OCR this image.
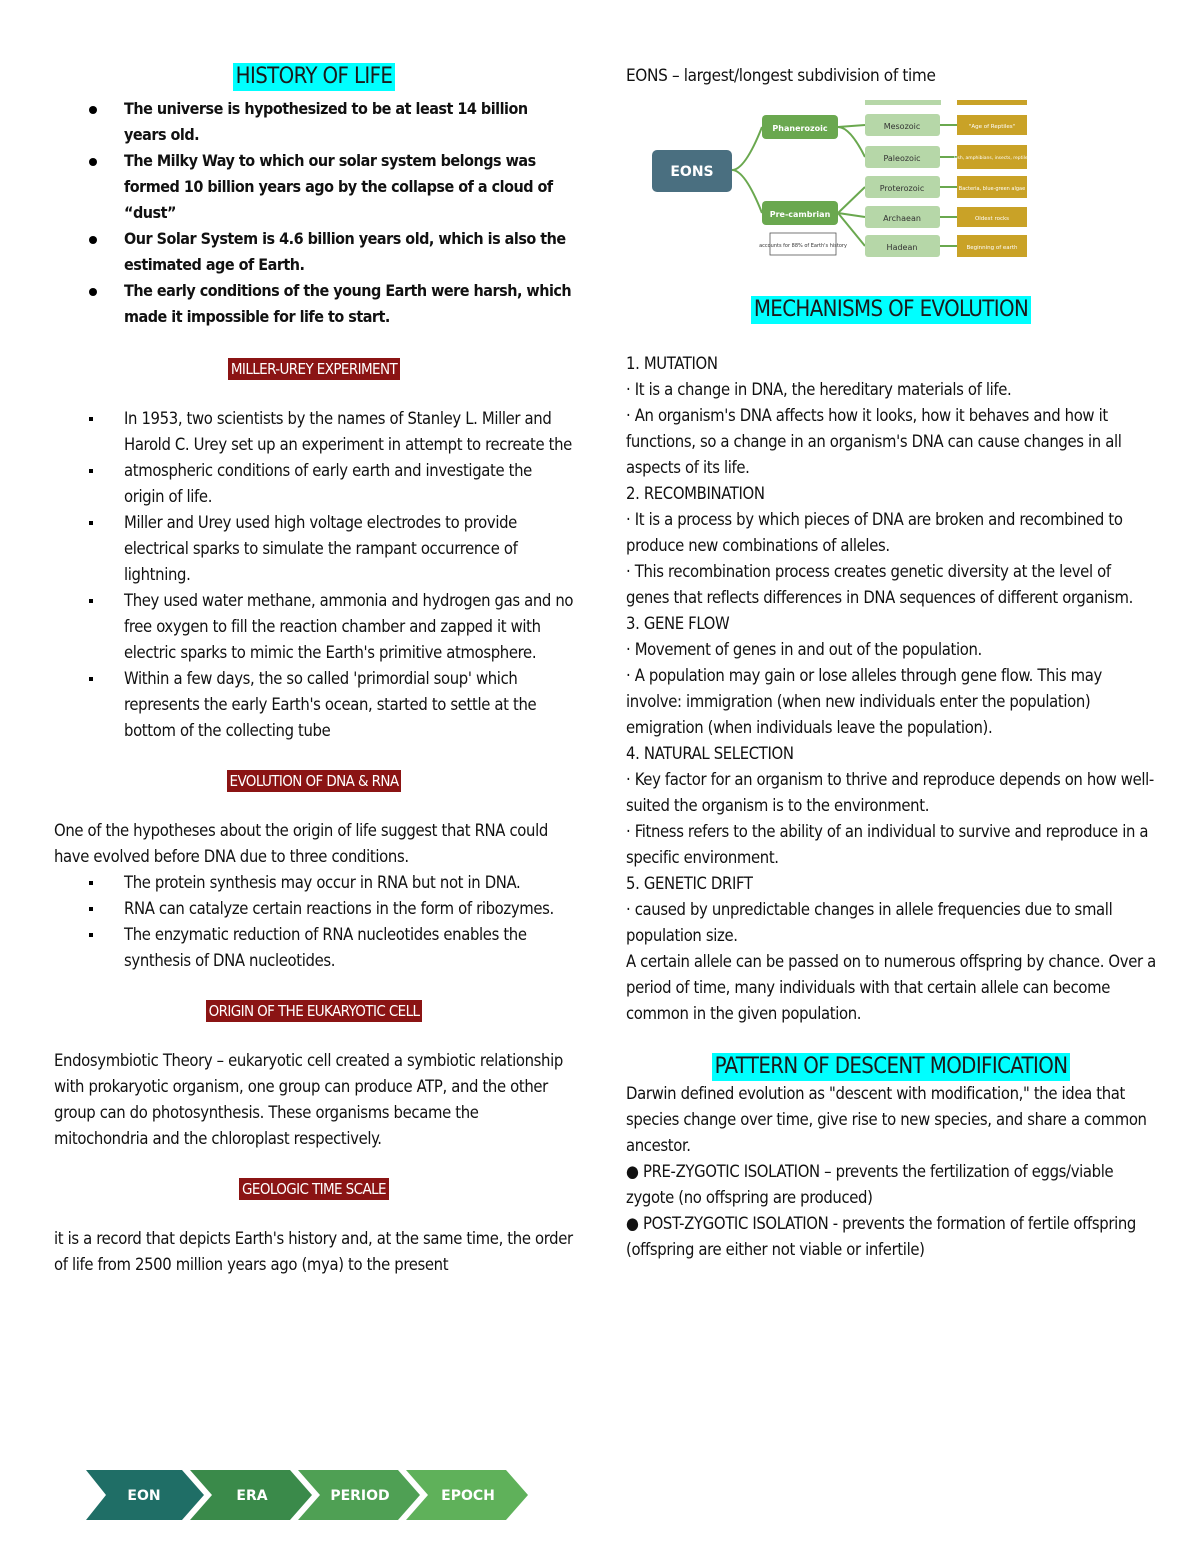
HISTORY OF LIFE
The universe is hypothesized to be at least 14 billion years old.
The Milky Way to which our solar system belongs was formed 10 billion years ago by the collapse of a cloud of “dust”
Our Solar System is 4.6 billion years old, which is also the estimated age of Earth.
The early conditions of the young Earth were harsh, which made it impossible for life to start.
MILLER-UREY EXPERIMENT
In 1953, two scientists by the names of Stanley L. Miller and Harold C. Urey set up an experiment in attempt to recreate the
atmospheric conditions of early earth and investigate the origin of life.
Miller and Urey used high voltage electrodes to provide electrical sparks to simulate the rampant occurrence of lightning.
They used water methane, ammonia and hydrogen gas and no free oxygen to fill the reaction chamber and zapped it with electric sparks to mimic the Earth's primitive atmosphere.
Within a few days, the so called 'primordial soup' which represents the early Earth's ocean, started to settle at the bottom of the collecting tube
EVOLUTION OF DNA & RNA

One of the hypotheses about the origin of life suggest that RNA could have evolved before DNA due to three conditions.

The protein synthesis may occur in RNA but not in DNA.
RNA can catalyze certain reactions in the form of ribozymes.
The enzymatic reduction of RNA nucleotides enables the synthesis of DNA nucleotides.
ORIGIN OF THE EUKARYOTIC CELL

Endosymbiotic Theory – eukaryotic cell created a symbiotic relationship with prokaryotic organism, one group can produce ATP, and the other group can do photosynthesis. These organisms became the mitochondria and the chloroplast respectively.

GEOLOGIC TIME SCALE

it is a record that depicts Earth's history and, at the same time, the order of life from 2500 million years ago (mya) to the present

EON	ERA	PERIOD	EPOCH

EONS – largest/longest subdivision of time

EONS
Phanerozoic
Pre-cambrian
accounts for 88% of Earth's history
Mesozoic
Paleozoic
Proterozoic
Archaean
Hadean
"Age of Reptiles"
Fish, amphibians, insects, reptiles
Bacteria, blue-green algae
Oldest rocks
Beginning of earth
MECHANISMS OF EVOLUTION

1. MUTATION

· It is a change in DNA, the hereditary materials of life.

· An organism's DNA affects how it looks, how it behaves and how it functions, so a change in an organism's DNA can cause changes in all aspects of its life.

2. RECOMBINATION

· It is a process by which pieces of DNA are broken and recombined to produce new combinations of alleles.

· This recombination process creates genetic diversity at the level of genes that reflects differences in DNA sequences of different organism.

3. GENE FLOW

· Movement of genes in and out of the population.

· A population may gain or lose alleles through gene flow. This may involve: immigration (when new individuals enter the population) emigration (when individuals leave the population).

4. NATURAL SELECTION

· Key factor for an organism to thrive and reproduce depends on how well- suited the organism is to the environment.

· Fitness refers to the ability of an individual to survive and reproduce in a specific environment.

5. GENETIC DRIFT

· caused by unpredictable changes in allele frequencies due to small population size.

A certain allele can be passed on to numerous offspring by chance. Over a period of time, many individuals with that certain allele can become common in the given population.

PATTERN OF DESCENT MODIFICATION

Darwin defined evolution as "descent with modification," the idea that species change over time, give rise to new species, and share a common ancestor.

● PRE-ZYGOTIC ISOLATION – prevents the fertilization of eggs/viable zygote (no offspring are produced)

● POST-ZYGOTIC ISOLATION - prevents the formation of fertile offspring (offspring are either not viable or infertile)
